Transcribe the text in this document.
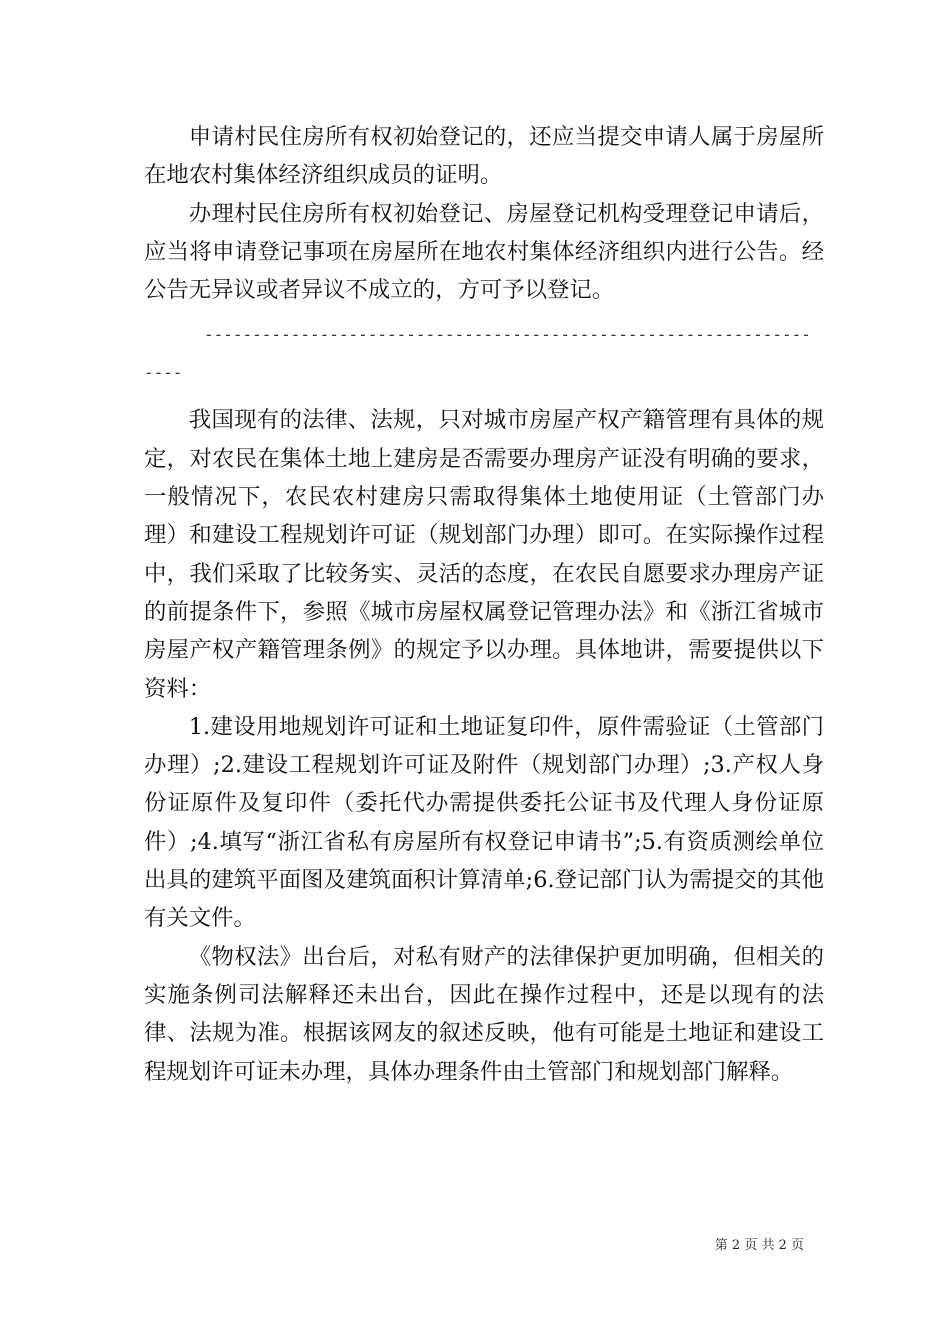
申请村民住房所有权初始登记的，还应当提交申请人属于房屋所在地农村集体经济组织成员的证明。

办理村民住房所有权初始登记、房屋登记机构受理登记申请后，应当将申请登记事项在房屋所在地农村集体经济组织内进行公告。经公告无异议或者异议不成立的，方可予以登记。

-------------------------------------------------------------------

我国现有的法律、法规，只对城市房屋产权产籍管理有具体的规定，对农民在集体土地上建房是否需要办理房产证没有明确的要求，一般情况下，农民农村建房只需取得集体土地使用证（土管部门办理）和建设工程规划许可证（规划部门办理）即可。在实际操作过程中，我们采取了比较务实、灵活的态度，在农民自愿要求办理房产证的前提条件下，参照《城市房屋权属登记管理办法》和《浙江省城市房屋产权产籍管理条例》的规定予以办理。具体地讲，需要提供以下资料：

1.建设用地规划许可证和土地证复印件，原件需验证（土管部门办理）;2.建设工程规划许可证及附件（规划部门办理）;3.产权人身份证原件及复印件（委托代办需提供委托公证书及代理人身份证原件）;4.填写“浙江省私有房屋所有权登记申请书”;5.有资质测绘单位出具的建筑平面图及建筑面积计算清单;6.登记部门认为需提交的其他有关文件。

《物权法》出台后，对私有财产的法律保护更加明确，但相关的实施条例司法解释还未出台，因此在操作过程中，还是以现有的法律、法规为准。根据该网友的叙述反映，他有可能是土地证和建设工程规划许可证未办理，具体办理条件由土管部门和规划部门解释。

第 2 页 共 2 页
